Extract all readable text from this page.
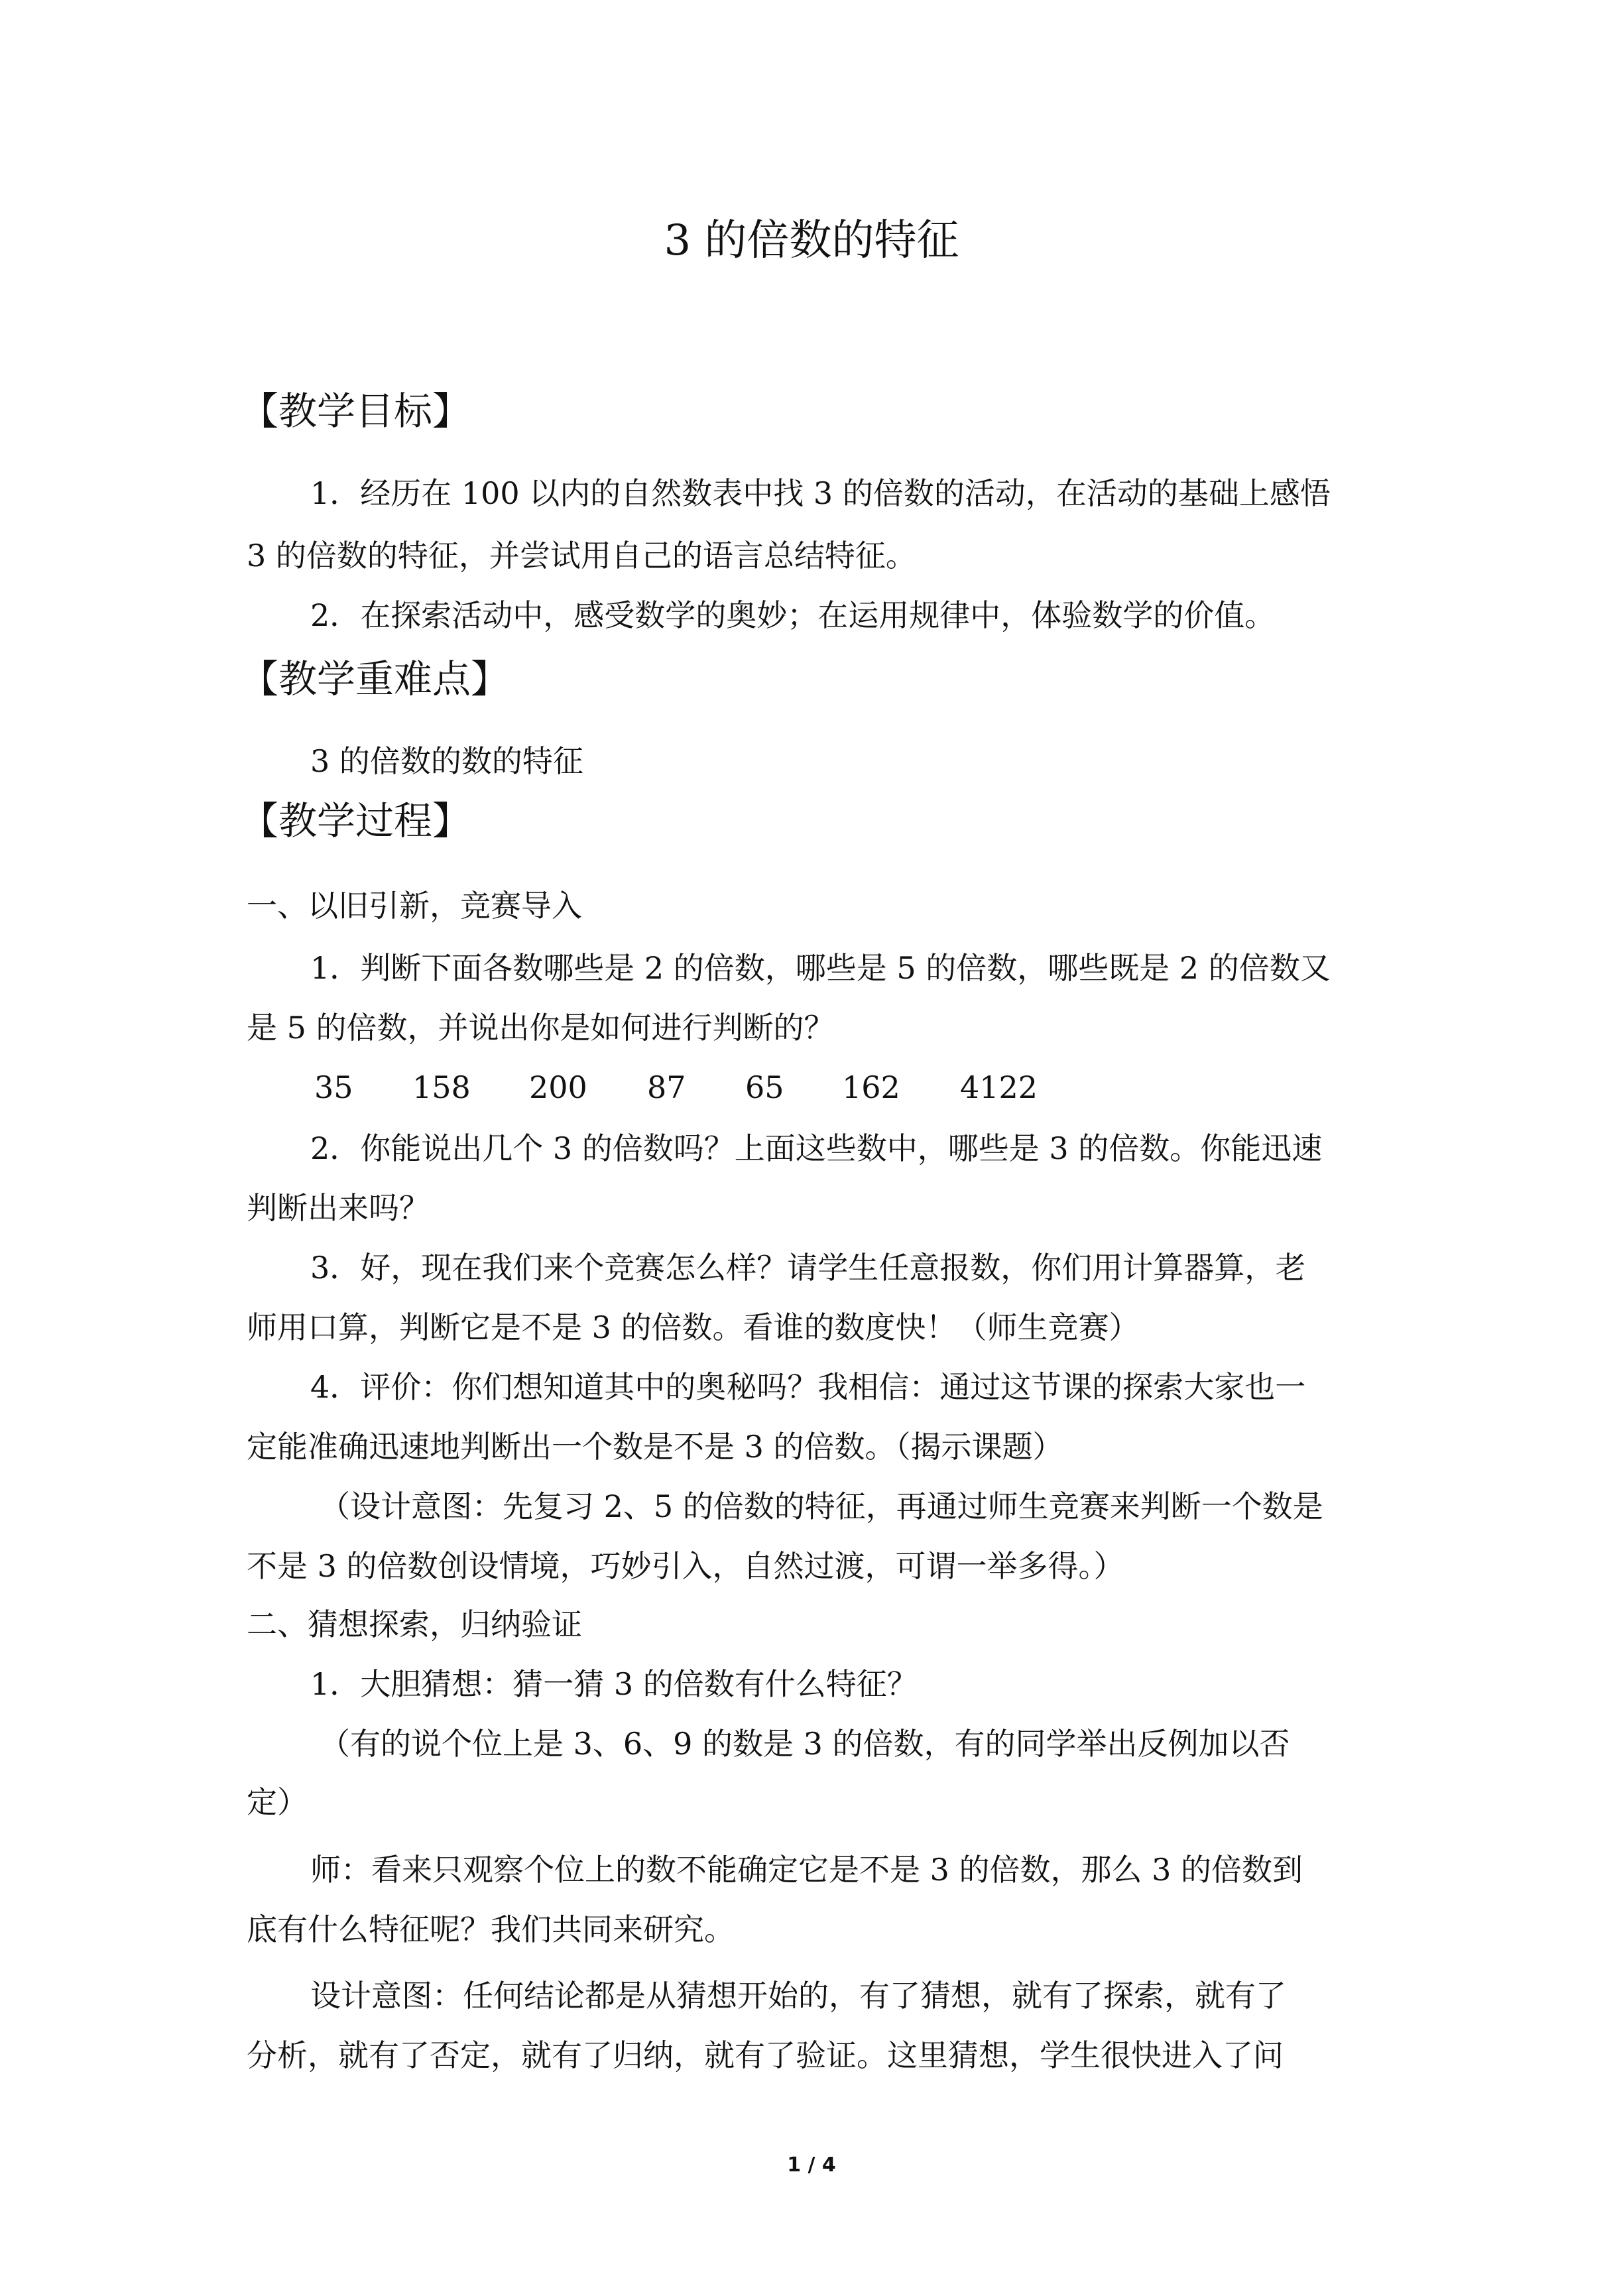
3 的倍数的特征
【教学目标】
1．经历在 100 以内的自然数表中找 3 的倍数的活动，在活动的基础上感悟
3 的倍数的特征，并尝试用自己的语言总结特征。
2．在探索活动中，感受数学的奥妙；在运用规律中，体验数学的价值。
【教学重难点】
3 的倍数的数的特征
【教学过程】
一、以旧引新，竞赛导入
1．判断下面各数哪些是 2 的倍数，哪些是 5 的倍数，哪些既是 2 的倍数又
是 5 的倍数，并说出你是如何进行判断的？
35 158 200 87 65 162 4122
2．你能说出几个 3 的倍数吗？上面这些数中，哪些是 3 的倍数。你能迅速
判断出来吗？
3．好，现在我们来个竞赛怎么样？请学生任意报数，你们用计算器算，老
师用口算，判断它是不是 3 的倍数。看谁的数度快！（师生竞赛）
4．评价：你们想知道其中的奥秘吗？我相信：通过这节课的探索大家也一
定能准确迅速地判断出一个数是不是 3 的倍数。（揭示课题）
（设计意图：先复习 2、5 的倍数的特征，再通过师生竞赛来判断一个数是
不是 3 的倍数创设情境，巧妙引入，自然过渡，可谓一举多得。）
二、猜想探索，归纳验证
1．大胆猜想：猜一猜 3 的倍数有什么特征？
（有的说个位上是 3、6、9 的数是 3 的倍数，有的同学举出反例加以否
定）
师：看来只观察个位上的数不能确定它是不是 3 的倍数，那么 3 的倍数到
底有什么特征呢？我们共同来研究。
设计意图：任何结论都是从猜想开始的，有了猜想，就有了探索，就有了
分析，就有了否定，就有了归纳，就有了验证。这里猜想，学生很快进入了问
1 / 4
